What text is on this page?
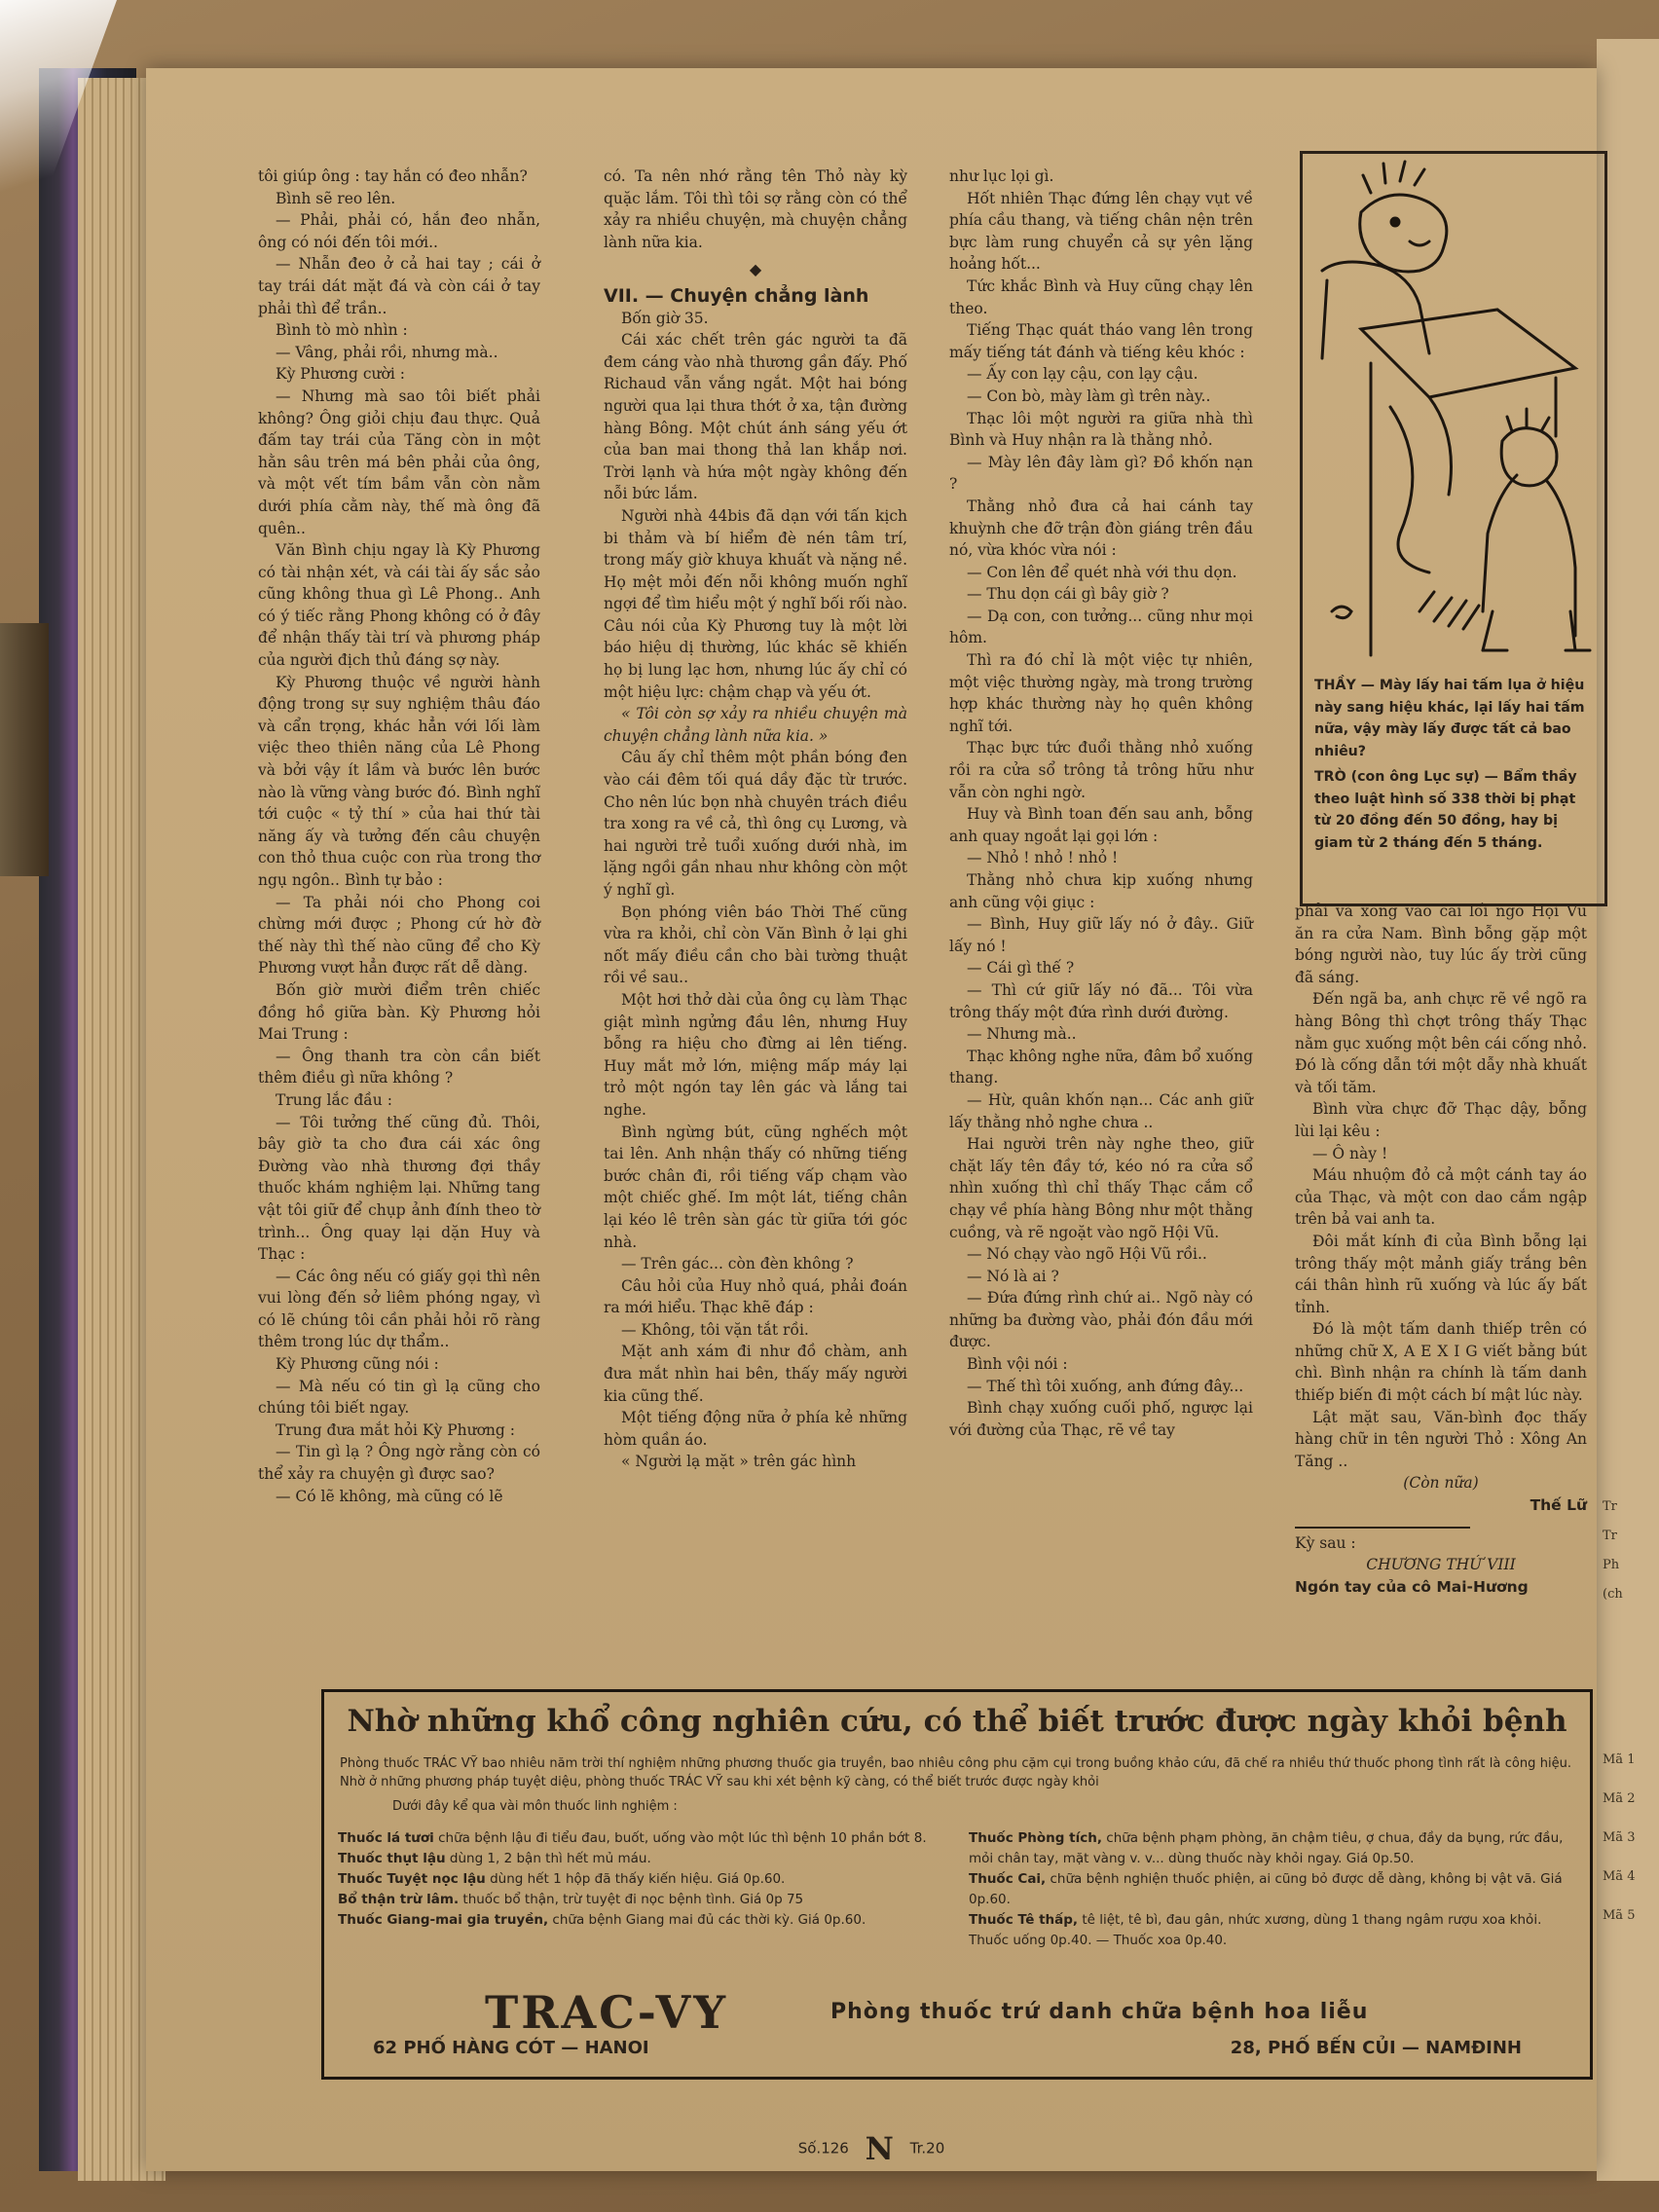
Tr
Tr
Ph
(ch
Mã 1
Mã 2
Mã 3
Mã 4
Mã 5

tôi giúp ông : tay hắn có đeo nhẫn?

Bình sẽ reo lên.

— Phải, phải có, hắn đeo nhẫn, ông có nói đến tôi mới..

— Nhẫn đeo ở cả hai tay ; cái ở tay trái dát mặt đá và còn cái ở tay phải thì để trần..

Bình tò mò nhìn :

— Vâng, phải rồi, nhưng mà..

Kỳ Phương cười :

— Nhưng mà sao tôi biết phải không? Ông giỏi chịu đau thực. Quả đấm tay trái của Tăng còn in một hằn sâu trên má bên phải của ông, và một vết tím bầm vẫn còn nằm dưới phía cằm này, thế mà ông đã quên..

Văn Bình chịu ngay là Kỳ Phương có tài nhận xét, và cái tài ấy sắc sảo cũng không thua gì Lê Phong.. Anh có ý tiếc rằng Phong không có ở đây để nhận thấy tài trí và phương pháp của người địch thủ đáng sợ này.

Kỳ Phương thuộc về người hành động trong sự suy nghiệm thâu đáo và cẩn trọng, khác hẳn với lối làm việc theo thiên năng của Lê Phong và bởi vậy ít lầm và bước lên bước nào là vững vàng bước đó. Bình nghĩ tới cuộc « tỷ thí » của hai thứ tài năng ấy và tưởng đến câu chuyện con thỏ thua cuộc con rùa trong thơ ngụ ngôn.. Bình tự bảo :

— Ta phải nói cho Phong coi chừng mới được ; Phong cứ hờ đờ thế này thì thế nào cũng để cho Kỳ Phương vượt hẳn được rất dễ dàng.

Bốn giờ mười điểm trên chiếc đồng hồ giữa bàn. Kỳ Phương hỏi Mai Trung :

— Ông thanh tra còn cần biết thêm điều gì nữa không ?

Trung lắc đầu :

— Tôi tưởng thế cũng đủ. Thôi, bây giờ ta cho đưa cái xác ông Đường vào nhà thương đợi thầy thuốc khám nghiệm lại. Những tang vật tôi giữ để chụp ảnh đính theo tờ trình... Ông quay lại dặn Huy và Thạc :

— Các ông nếu có giấy gọi thì nên vui lòng đến sở liêm phóng ngay, vì có lẽ chúng tôi cần phải hỏi rõ ràng thêm trong lúc dự thẩm..

Kỳ Phương cũng nói :

— Mà nếu có tin gì lạ cũng cho chúng tôi biết ngay.

Trung đưa mắt hỏi Kỳ Phương :

— Tin gì lạ ? Ông ngờ rằng còn có thể xảy ra chuyện gì được sao?

— Có lẽ không, mà cũng có lẽ

có. Ta nên nhớ rằng tên Thỏ này kỳ quặc lắm. Tôi thì tôi sợ rằng còn có thể xảy ra nhiều chuyện, mà chuyện chẳng lành nữa kia.

◆

VII. — Chuyện chẳng lành

Bốn giờ 35.

Cái xác chết trên gác người ta đã đem cáng vào nhà thương gần đấy. Phố Richaud vẫn vắng ngắt. Một hai bóng người qua lại thưa thớt ở xa, tận đường hàng Bông. Một chút ánh sáng yếu ớt của ban mai thong thả lan khắp nơi. Trời lạnh và hứa một ngày không đến nỗi bức lắm.

Người nhà 44bis đã dạn với tấn kịch bi thảm và bí hiểm đè nén tâm trí, trong mấy giờ khuya khuất và nặng nề. Họ mệt mỏi đến nỗi không muốn nghĩ ngợi để tìm hiểu một ý nghĩ bối rối nào. Câu nói của Kỳ Phương tuy là một lời báo hiệu dị thường, lúc khác sẽ khiến họ bị lung lạc hơn, nhưng lúc ấy chỉ có một hiệu lực: chậm chạp và yếu ớt.

« Tôi còn sợ xảy ra nhiều chuyện mà chuyện chẳng lành nữa kia. »

Câu ấy chỉ thêm một phần bóng đen vào cái đêm tối quá dầy đặc từ trước. Cho nên lúc bọn nhà chuyên trách điều tra xong ra về cả, thì ông cụ Lương, và hai người trẻ tuổi xuống dưới nhà, im lặng ngồi gần nhau như không còn một ý nghĩ gì.

Bọn phóng viên báo Thời Thế cũng vừa ra khỏi, chỉ còn Văn Bình ở lại ghi nốt mấy điều cần cho bài tường thuật rồi về sau..

Một hơi thở dài của ông cụ làm Thạc giật mình ngửng đầu lên, nhưng Huy bỗng ra hiệu cho đừng ai lên tiếng. Huy mắt mở lớn, miệng mấp máy lại trỏ một ngón tay lên gác và lắng tai nghe.

Bình ngừng bút, cũng nghếch một tai lên. Anh nhận thấy có những tiếng bước chân đi, rồi tiếng vấp chạm vào một chiếc ghế. Im một lát, tiếng chân lại kéo lê trên sàn gác từ giữa tới góc nhà.

— Trên gác... còn đèn không ?

Câu hỏi của Huy nhỏ quá, phải đoán ra mới hiểu. Thạc khẽ đáp :

— Không, tôi vặn tắt rồi.

Mặt anh xám đi như đồ chàm, anh đưa mắt nhìn hai bên, thấy mấy người kia cũng thế.

Một tiếng động nữa ở phía kẻ những hòm quần áo.

« Người lạ mặt » trên gác hình

như lục lọi gì.

Hốt nhiên Thạc đứng lên chạy vụt về phía cầu thang, và tiếng chân nện trên bực làm rung chuyển cả sự yên lặng hoảng hốt...

Tức khắc Bình và Huy cũng chạy lên theo.

Tiếng Thạc quát tháo vang lên trong mấy tiếng tát đánh và tiếng kêu khóc :

— Ấy con lạy cậu, con lạy cậu.

— Con bò, mày làm gì trên này..

Thạc lôi một người ra giữa nhà thì Bình và Huy nhận ra là thằng nhỏ.

— Mày lên đây làm gì? Đồ khốn nạn ?

Thằng nhỏ đưa cả hai cánh tay khuỳnh che đỡ trận đòn giáng trên đầu nó, vừa khóc vừa nói :

— Con lên để quét nhà với thu dọn.

— Thu dọn cái gì bây giờ ?

— Dạ con, con tưởng... cũng như mọi hôm.

Thì ra đó chỉ là một việc tự nhiên, một việc thường ngày, mà trong trường hợp khác thường này họ quên không nghĩ tới.

Thạc bực tức đuổi thằng nhỏ xuống rồi ra cửa sổ trông tả trông hữu như vẫn còn nghi ngờ.

Huy và Bình toan đến sau anh, bỗng anh quay ngoắt lại gọi lớn :

— Nhỏ ! nhỏ ! nhỏ !

Thằng nhỏ chưa kịp xuống nhưng anh cũng vội giục :

— Bình, Huy giữ lấy nó ở đây.. Giữ lấy nó !

— Cái gì thế ?

— Thì cứ giữ lấy nó đã... Tôi vừa trông thấy một đứa rình dưới đường.

— Nhưng mà..

Thạc không nghe nữa, đâm bổ xuống thang.

— Hừ, quân khốn nạn... Các anh giữ lấy thằng nhỏ nghe chưa ..

Hai người trên này nghe theo, giữ chặt lấy tên đầy tớ, kéo nó ra cửa sổ nhìn xuống thì chỉ thấy Thạc cắm cổ chạy về phía hàng Bông như một thằng cuồng, và rẽ ngoặt vào ngõ Hội Vũ.

— Nó chạy vào ngõ Hội Vũ rồi..

— Nó là ai ?

— Đứa đứng rình chứ ai.. Ngõ này có những ba đường vào, phải đón đầu mới được.

Bình vội nói :

— Thế thì tôi xuống, anh đứng đây...

Bình chạy xuống cuối phố, ngược lại với đường của Thạc, rẽ về tay

THẦY — Mày lấy hai tấm lụa ở hiệu này sang hiệu khác, lại lấy hai tấm nữa, vậy mày lấy được tất cả bao nhiêu?
TRÒ (con ông Lục sự) — Bẩm thầy theo luật hình số 338 thời bị phạt từ 20 đồng đến 50 đồng, hay bị giam từ 2 tháng đến 5 tháng.

phải và xông vào cái lối ngõ Hội Vũ ăn ra cửa Nam. Bình bỗng gặp một bóng người nào, tuy lúc ấy trời cũng đã sáng.

Đến ngã ba, anh chực rẽ về ngõ ra hàng Bông thì chợt trông thấy Thạc nằm gục xuống một bên cái cống nhỏ. Đó là cống dẫn tới một dẫy nhà khuất và tối tăm.

Bình vừa chực đỡ Thạc dậy, bỗng lùi lại kêu :

— Ô này !

Máu nhuộm đỏ cả một cánh tay áo của Thạc, và một con dao cắm ngập trên bả vai anh ta.

Đôi mắt kính đi của Bình bỗng lại trông thấy một mảnh giấy trắng bên cái thân hình rũ xuống và lúc ấy bất tỉnh.

Đó là một tấm danh thiếp trên có những chữ X, A E X I G viết bằng bút chì. Bình nhận ra chính là tấm danh thiếp biến đi một cách bí mật lúc này.

Lật mặt sau, Văn-bình đọc thấy hàng chữ in tên người Thỏ : Xông An Tăng ..

(Còn nữa)
Thế Lữ
Kỳ sau :
CHƯƠNG THỨ VIII
Ngón tay của cô Mai-Hương
Nhờ những khổ công nghiên cứu, có thể biết trước được ngày khỏi bệnh
Phòng thuốc TRÁC VỸ bao nhiêu năm trời thí nghiệm những phương thuốc gia truyền, bao nhiêu công phu cặm cụi trong buồng khảo cứu, đã chế ra nhiều thứ thuốc phong tình rất là công hiệu. Nhờ ở những phương pháp tuyệt diệu, phòng thuốc TRÁC VỸ sau khi xét bệnh kỹ càng, có thể biết trước được ngày khỏi
Dưới đây kể qua vài môn thuốc linh nghiệm :
Thuốc lá tươi chữa bệnh lậu đi tiểu đau, buốt, uống vào một lúc thì bệnh 10 phần bớt 8.
Thuốc thụt lậu dùng 1, 2 bận thì hết mủ máu.
Thuốc Tuyệt nọc lậu dùng hết 1 hộp đã thấy kiến hiệu. Giá 0p.60.
Bổ thận trừ lâm. thuốc bổ thận, trừ tuyệt đi nọc bệnh tình. Giá 0p 75
Thuốc Giang-mai gia truyền, chữa bệnh Giang mai đủ các thời kỳ. Giá 0p.60.
Thuốc Phòng tích, chữa bệnh phạm phòng, ăn chậm tiêu, ợ chua, đầy da bụng, rức đầu, mỏi chân tay, mặt vàng v. v... dùng thuốc này khỏi ngay. Giá 0p.50.
Thuốc Cai, chữa bệnh nghiện thuốc phiện, ai cũng bỏ được dễ dàng, không bị vật vã. Giá 0p.60.
Thuốc Tê thấp, tê liệt, tê bì, đau gân, nhức xương, dùng 1 thang ngâm rượu xoa khỏi. Thuốc uống 0p.40. — Thuốc xoa 0p.40.
TRAC-VY	Phòng thuốc trứ danh chữa bệnh hoa liễu
62 PHỐ HÀNG CÓT — HANOI	28, PHỐ BẾN CỦI — NAMĐINH
Số.126 N Tr.20
